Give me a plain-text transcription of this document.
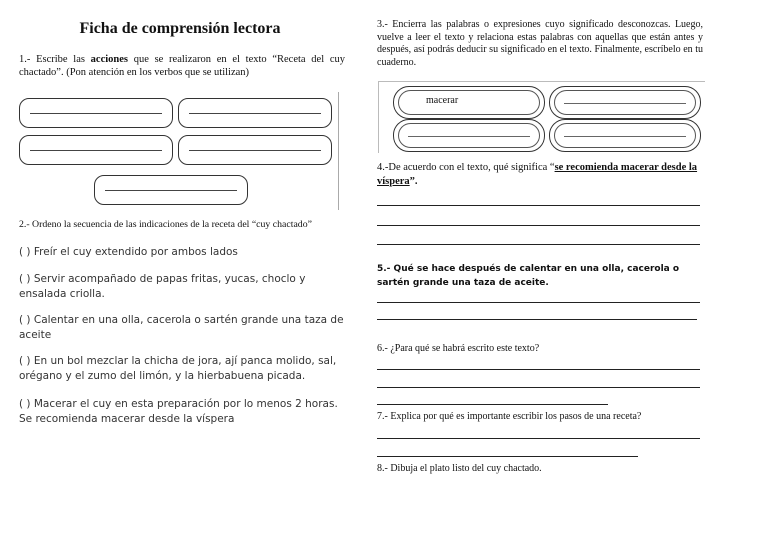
Ficha de comprensión lectora
1.- Escribe las acciones que se realizaron en el texto “Receta del cuy chactado”. (Pon atención en los verbos que se utilizan)
2.- Ordeno la secuencia de las indicaciones de la receta del “cuy chactado”
( ) Freír el cuy extendido por ambos lados
( ) Servir acompañado de papas fritas, yucas, choclo y ensalada criolla.
( ) Calentar en una olla, cacerola o sartén grande una taza de aceite
( ) En un bol mezclar la chicha de jora, ají panca molido, sal, orégano y el zumo del limón, y la hierbabuena picada.
( ) Macerar el cuy en esta preparación por lo menos 2 horas. Se recomienda macerar desde la víspera
3.- Encierra las palabras o expresiones cuyo significado desconozcas. Luego, vuelve a leer el texto y relaciona estas palabras con aquellas que están antes y después, así podrás deducir su significado en el texto. Finalmente, escríbelo en tu cuaderno.
macerar
4.-De acuerdo con el texto, qué significa “se recomienda macerar desde la víspera”.
5.- Qué se hace después de calentar en una olla, cacerola o sartén grande una taza de aceite.
6.- ¿Para qué se habrá escrito este texto?
7.- Explica por qué es importante escribir los pasos de una receta?
8.- Dibuja el plato listo del cuy chactado.
